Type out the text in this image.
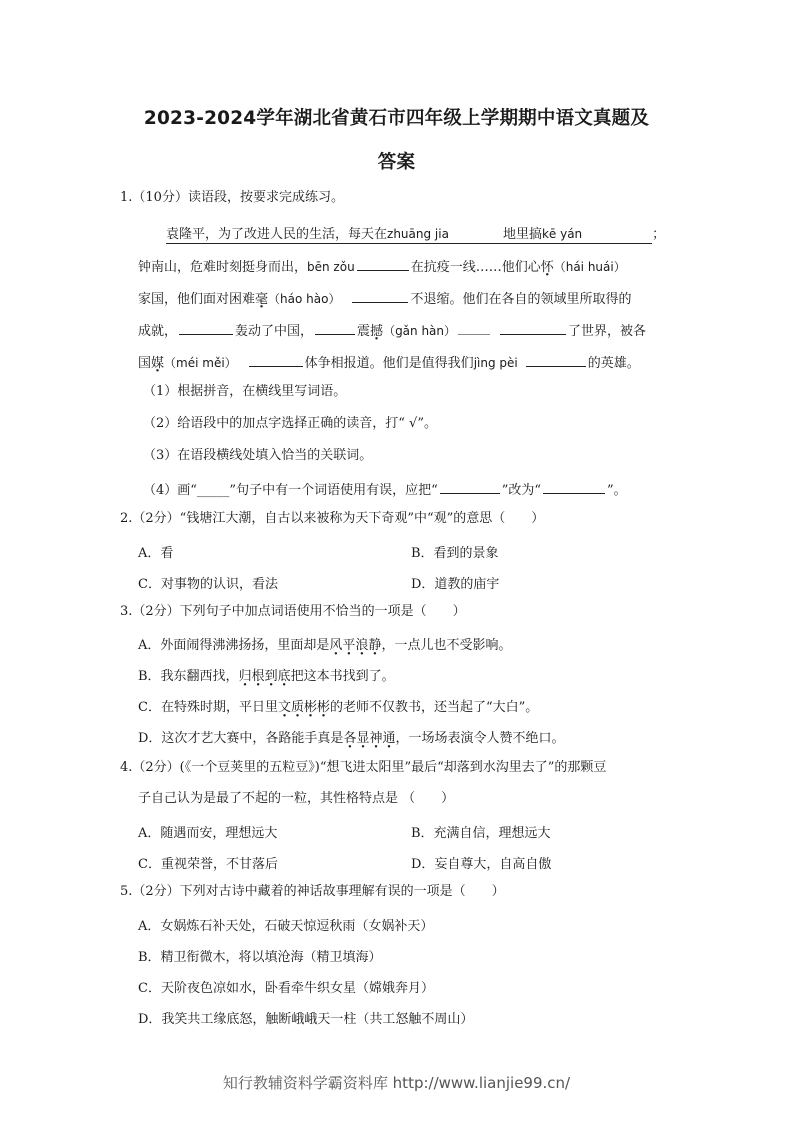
2023-2024学年湖北省黄石市四年级上学期期中语文真题及
答案
1.（10分）读语段，按要求完成练习。
袁隆平，为了改进人民的生活，每天在zhuāng jia	地里搞kē yán	；
钟南山，危难时刻挺身而出，bēn zǒu	在抗疫一线……他们心怀（hái huái）
家国，他们面对困难毫（háo hào）	不退缩。他们在各自的领域里所取得的
成就，	轰动了中国，	震撼（gǎn hàn）	了世界，被各
国媒（méi měi）	体争相报道。他们是值得我们jìng pèi	的英雄。
（1）根据拼音，在横线里写词语。
（2）给语段中的加点字选择正确的读音，打“ √”。
（3）在语段横线处填入恰当的关联词。
（4）画“_____”句子中有一个词语使用有误，应把“	”改为“	”。
2.（2分）“钱塘江大潮，自古以来被称为天下奇观”中“观”的意思（　　）
A．看	B．看到的景象
C．对事物的认识，看法	D．道教的庙宇
3.（2分）下列句子中加点词语使用不恰当的一项是（　　）
A．外面闹得沸沸扬扬，里面却是风平浪静，一点儿也不受影响。
B．我东翻西找，归根到底把这本书找到了。
C．在特殊时期，平日里文质彬彬的老师不仅教书，还当起了“大白”。
D．这次才艺大赛中，各路能手真是各显神通，一场场表演令人赞不绝口。
4.（2分）(《一个豆荚里的五粒豆》)“想飞进太阳里”最后“却落到水沟里去了”的那颗豆
子自己认为是最了不起的一粒，其性格特点是 （　　）
A．随遇而安，理想远大	B．充满自信，理想远大
C．重视荣誉，不甘落后	D．妄自尊大，自高自傲
5.（2分）下列对古诗中藏着的神话故事理解有误的一项是（　　）
A．女娲炼石补天处，石破天惊逗秋雨（女娲补天）
B．精卫衔微木，将以填沧海（精卫填海）
C．天阶夜色凉如水，卧看牵牛织女星（嫦娥奔月）
D．我笑共工缘底怒，触断峨峨天一柱（共工怒触不周山）
知行教辅资料学霸资料库 http://www.lianjie99.cn/
